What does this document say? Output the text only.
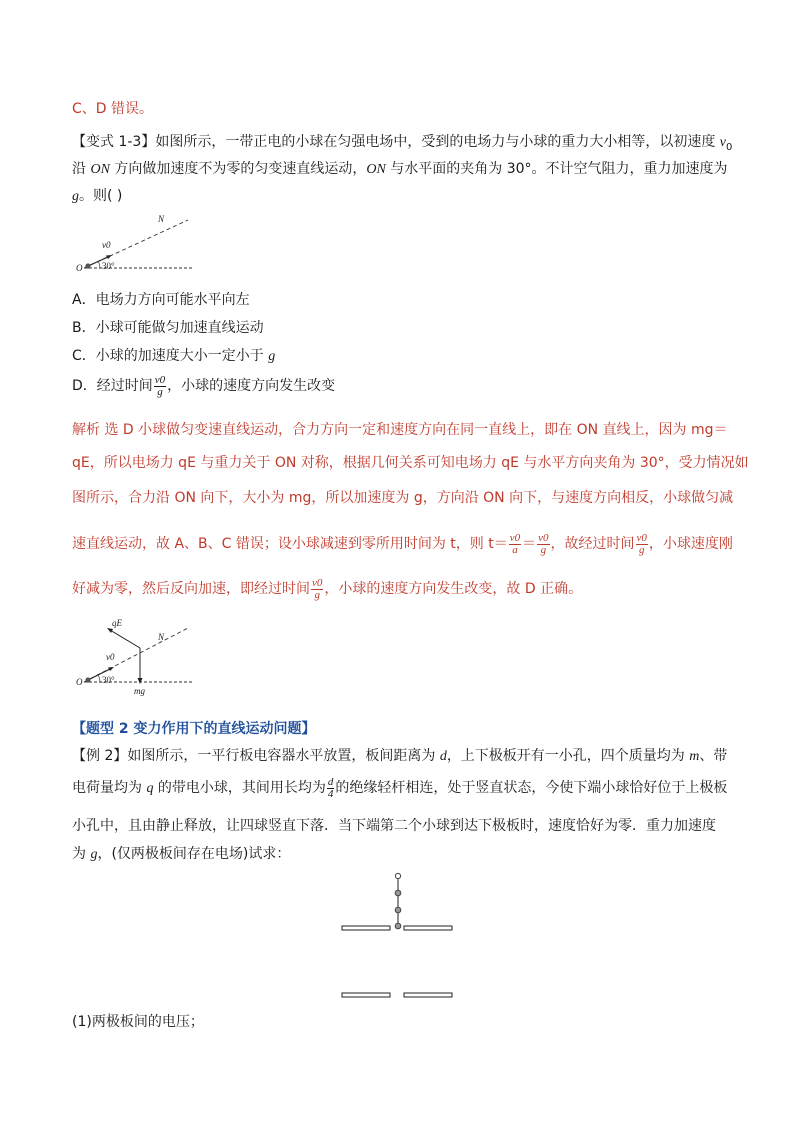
C、D 错误。
【变式 1-3】如图所示，一带正电的小球在匀强电场中，受到的电场力与小球的重力大小相等，以初速度 $v_0$
沿 ON 方向做加速度不为零的匀变速直线运动，ON 与水平面的夹角为 30°。不计空气阻力，重力加速度为
g。则( )
N
v0
O 30°
A．电场力方向可能水平向左
B．小球可能做匀加速直线运动
C．小球的加速度大小一定小于 g
D．经过时间 $\frac{v0}{g}$ ，小球的速度方向发生改变
解析 选 D 小球做匀变速直线运动，合力方向一定和速度方向在同一直线上，即在 ON 直线上，因为 mg＝
qE，所以电场力 qE 与重力关于 ON 对称，根据几何关系可知电场力 qE 与水平方向夹角为 30°，受力情况如
图所示，合力沿 ON 向下，大小为 mg，所以加速度为 g，方向沿 ON 向下，与速度方向相反，小球做匀减
速直线运动，故 A、B、C 错误；设小球减速到零所用时间为 t，则 $t= \frac{v0}{a} = \frac{v0}{g}$ ，故经过时间 $\frac{v0}{g}$ ，小球速度刚
好减为零，然后反向加速，即经过时间 $\frac{v0}{g}$ ，小球的速度方向发生改变，故 D 正确。
qE
N
v0
O 30°
mg
【题型 2 变力作用下的直线运动问题】
【例 2】如图所示，一平行板电容器水平放置，板间距离为 d，上下极板开有一小孔，四个质量均为 m、带
电荷量均为 q 的带电小球，其间用长均为 $\frac{d}{4}$ 的绝缘轻杆相连，处于竖直状态，今使下端小球恰好位于上极板
小孔中，且由静止释放，让四球竖直下落．当下端第二个小球到达下极板时，速度恰好为零．重力加速度
为 g，(仅两极板间存在电场)试求：
(1)两极板间的电压；
